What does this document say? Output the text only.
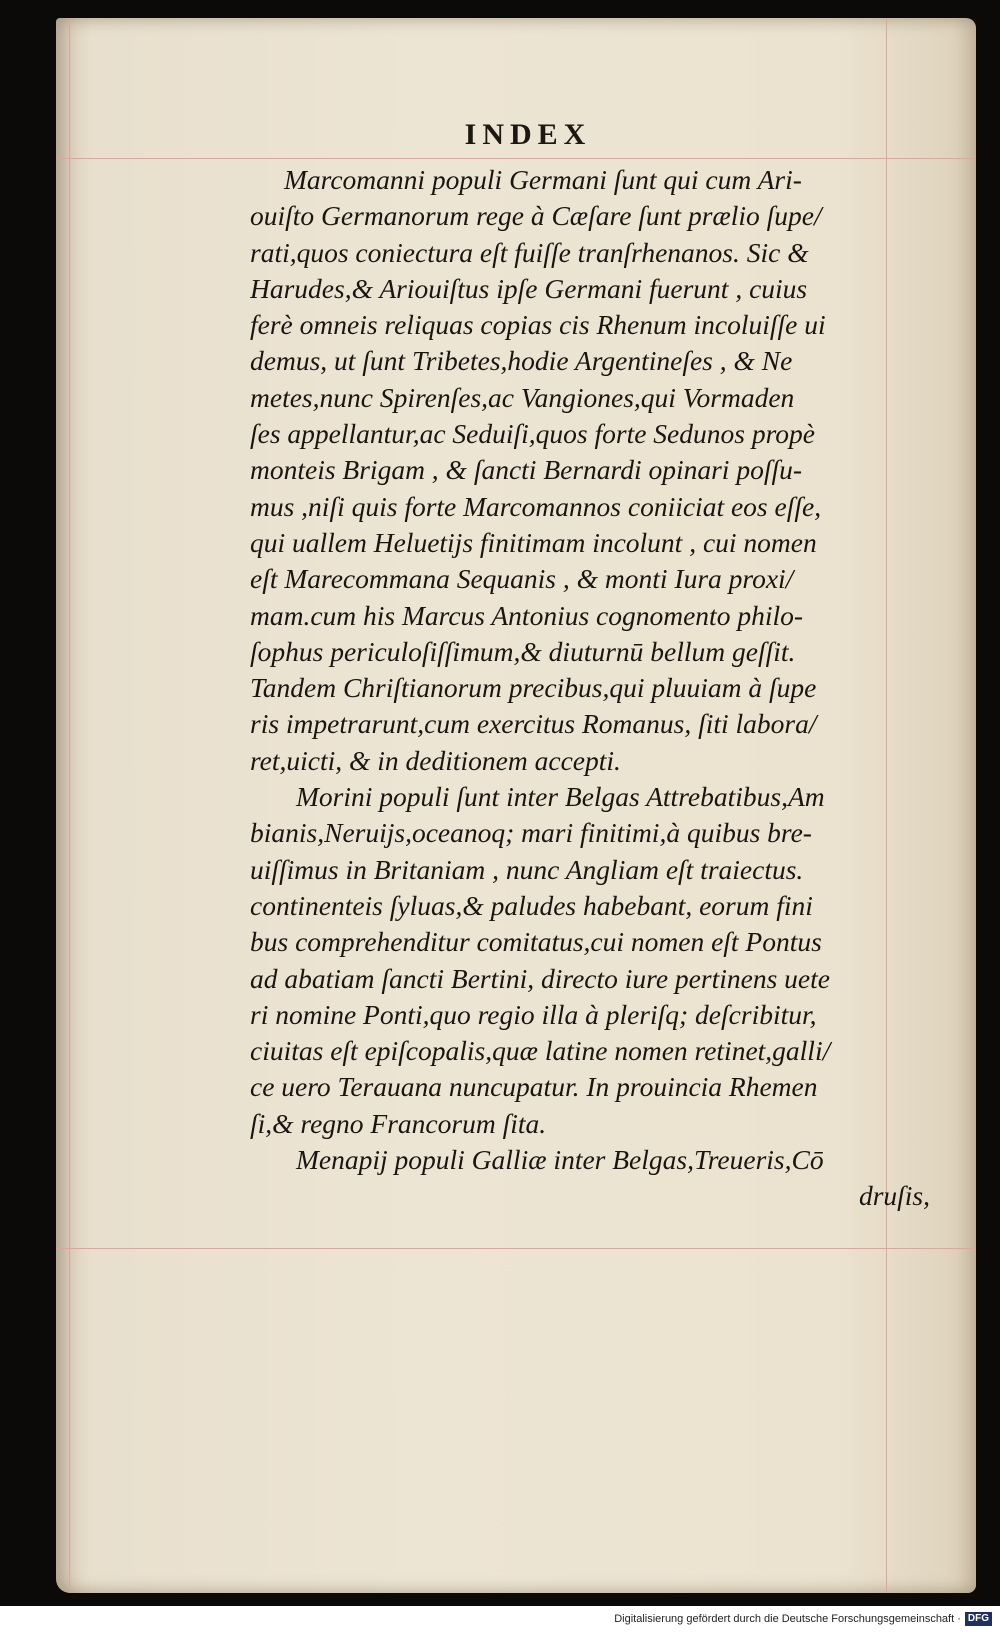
INDEX
Marcomanni populi Germani ſunt qui cum Ari-
ouiſto Germanorum rege à Cæſare ſunt prælio ſupe/
rati,quos coniectura eſt fuiſſe tranſrhenanos. Sic &
Harudes,& Ariouiſtus ipſe Germani fuerunt , cuius
ferè omneis reliquas copias cis Rhenum incoluiſſe ui
demus, ut ſunt Tribetes,hodie Argentineſes , & Ne
metes,nunc Spirenſes,ac Vangiones,qui Vormaden
ſes appellantur,ac Seduiſi,quos forte Sedunos propè
monteis Brigam , & ſancti Bernardi opinari poſſu-
mus ,niſi quis forte Marcomannos coniiciat eos eſſe,
qui uallem Heluetijs finitimam incolunt , cui nomen
eſt Marecommana Sequanis , & monti Iura proxi/
mam.cum his Marcus Antonius cognomento philo-
ſophus periculoſiſſimum,& diuturnū bellum geſſit.
Tandem Chriſtianorum precibus,qui pluuiam à ſupe
ris impetrarunt,cum exercitus Romanus, ſiti labora/
ret,uicti, & in deditionem accepti.
Morini populi ſunt inter Belgas Attrebatibus,Am
bianis,Neruijs,oceanoq; mari finitimi,à quibus bre-
uiſſimus in Britaniam , nunc Angliam eſt traiectus.
continenteis ſyluas,& paludes habebant, eorum fini
bus comprehenditur comitatus,cui nomen eſt Pontus
ad abatiam ſancti Bertini, directo iure pertinens uete
ri nomine Ponti,quo regio illa à pleriſq; deſcribitur,
ciuitas eſt epiſcopalis,quæ latine nomen retinet,galli/
ce uero Terauana nuncupatur. In prouincia Rhemen
ſi,& regno Francorum ſita.
Menapij populi Galliæ inter Belgas,Treueris,Cō
druſis,
Digitalisierung gefördert durch die Deutsche Forschungsgemeinschaft · DFG
